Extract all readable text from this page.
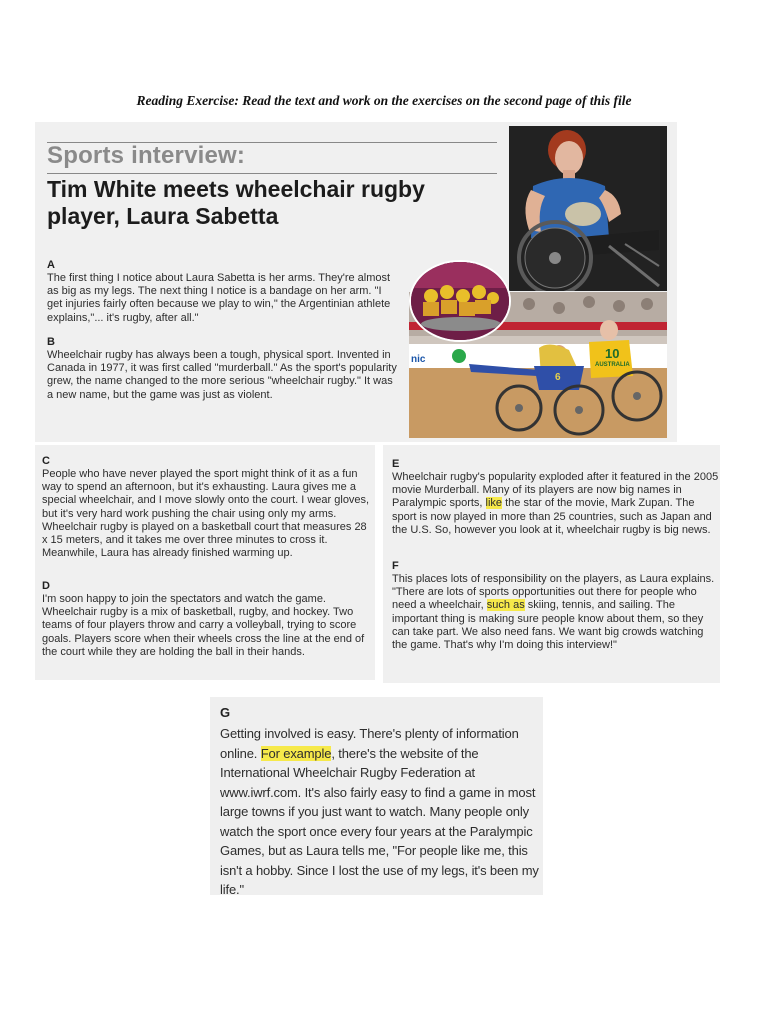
Reading Exercise: Read the text and work on the exercises on the second page of this file
Sports interview:
Tim White meets wheelchair rugby player, Laura Sabetta
A

The first thing I notice about Laura Sabetta is her arms. They're almost as big as my legs. The next thing I notice is a bandage on her arm. "I get injuries fairly often because we play to win," the Argentinian athlete explains,"... it's rugby, after all."

B

Wheelchair rugby has always been a tough, physical sport. Invented in Canada in 1977, it was first called "murderball." As the sport's popularity grew, the name changed to the more serious "wheelchair rugby." It was a new name, but the game was just as violent.

nic	10
AUSTRALIA
6
C

People who have never played the sport might think of it as a fun way to spend an afternoon, but it's exhausting. Laura gives me a special wheelchair, and I move slowly onto the court. I wear gloves, but it's very hard work pushing the chair using only my arms. Wheelchair rugby is played on a basketball court that measures 28 x 15 meters, and it takes me over three minutes to cross it. Meanwhile, Laura has already finished warming up.

D

I'm soon happy to join the spectators and watch the game. Wheelchair rugby is a mix of basketball, rugby, and hockey. Two teams of four players throw and carry a volleyball, trying to score goals. Players score when their wheels cross the line at the end of the court while they are holding the ball in their hands.

E

Wheelchair rugby's popularity exploded after it featured in the 2005 movie Murderball. Many of its players are now big names in Paralympic sports, like the star of the movie, Mark Zupan. The sport is now played in more than 25 countries, such as Japan and the U.S. So, however you look at it, wheelchair rugby is big news.

F

This places lots of responsibility on the players, as Laura explains. "There are lots of sports opportunities out there for people who need a wheelchair, such as skiing, tennis, and sailing. The important thing is making sure people know about them, so they can take part. We also need fans. We want big crowds watching the game. That's why I'm doing this interview!"

G

Getting involved is easy. There's plenty of information online. For example, there's the website of the International Wheelchair Rugby Federation at www.iwrf.com. It's also fairly easy to find a game in most large towns if you just want to watch. Many people only watch the sport once every four years at the Paralympic Games, but as Laura tells me, "For people like me, this isn't a hobby. Since I lost the use of my legs, it's been my life."
